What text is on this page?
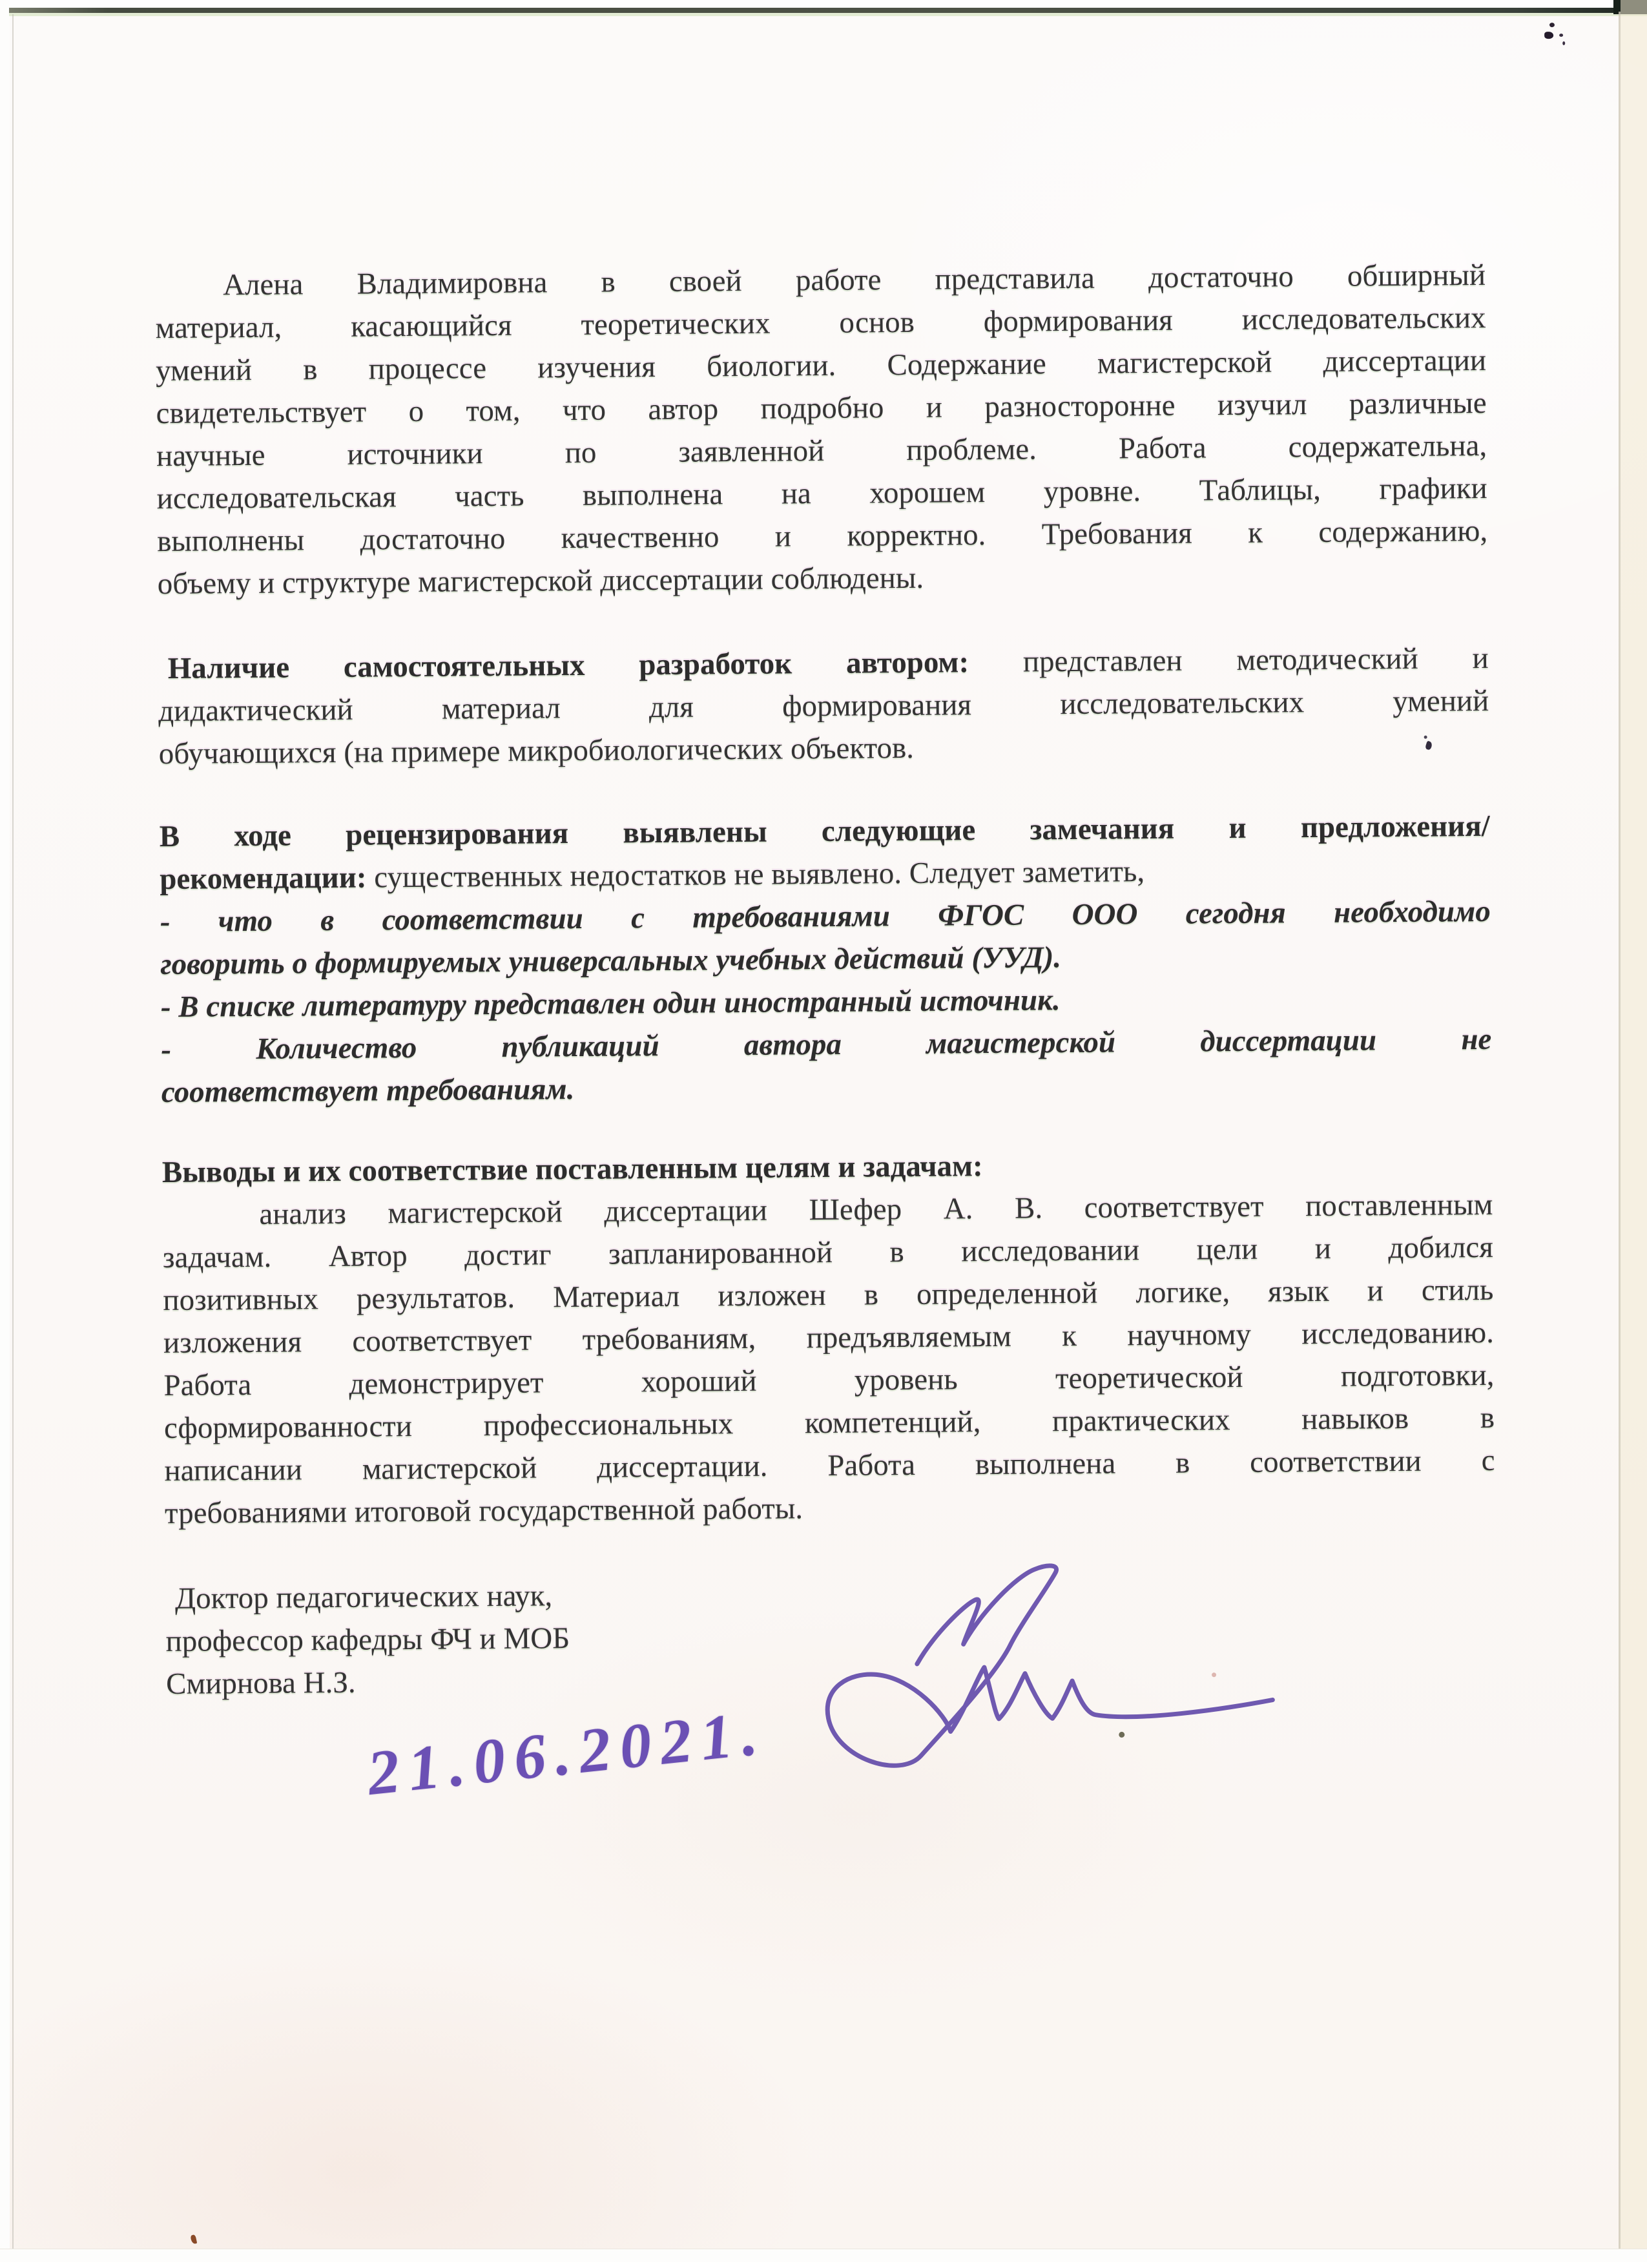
Алена Владимировна в своей работе представила достаточно обширный
материал, касающийся теоретических основ формирования исследовательских
умений в процессе изучения биологии. Содержание магистерской диссертации
свидетельствует о том, что автор подробно и разносторонне изучил различные
научные источники по заявленной проблеме. Работа содержательна,
исследовательская часть выполнена на хорошем уровне. Таблицы, графики
выполнены достаточно качественно и корректно. Требования к содержанию,
объему и структуре магистерской диссертации соблюдены.
Наличие самостоятельных разработок автором: представлен методический и
дидактический материал для формирования исследовательских умений
обучающихся (на примере микробиологических объектов.
В ходе рецензирования выявлены следующие замечания и предложения/
рекомендации: существенных недостатков не выявлено. Следует заметить,
- что в соответствии с требованиями ФГОС ООО сегодня необходимо
говорить о формируемых универсальных учебных действий (УУД).
- В списке литературу представлен один иностранный источник.
- Количество публикаций автора магистерской диссертации не
соответствует требованиям.
Выводы и их соответствие поставленным целям и задачам:
анализ магистерской диссертации Шефер А. В. соответствует поставленным
задачам. Автор достиг запланированной в исследовании цели и добился
позитивных результатов. Материал изложен в определенной логике, язык и стиль
изложения соответствует требованиям, предъявляемым к научному исследованию.
Работа демонстрирует хороший уровень теоретической подготовки,
сформированности профессиональных компетенций, практических навыков в
написании магистерской диссертации. Работа выполнена в соответствии с
требованиями итоговой государственной работы.
Доктор педагогических наук,
профессор кафедры ФЧ и МОБ
Смирнова Н.З.
21.06.2021.
